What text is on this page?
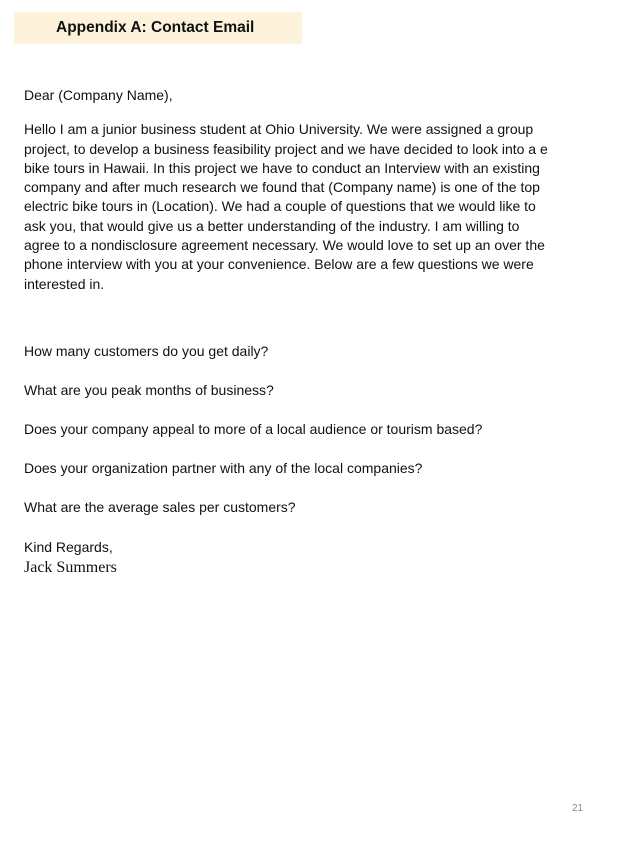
Appendix A: Contact Email

Dear (Company Name),

Hello I am a junior business student at Ohio University. We were assigned a group
project, to develop a business feasibility project and we have decided to look into a e
bike tours in Hawaii. In this project we have to conduct an Interview with an existing
company and after much research we found that (Company name) is one of the top
electric bike tours in (Location). We had a couple of questions that we would like to
ask you, that would give us a better understanding of the industry. I am willing to
agree to a nondisclosure agreement necessary. We would love to set up an over the
phone interview with you at your convenience. Below are a few questions we were
interested in.
How many customers do you get daily?
What are you peak months of business?
Does your company appeal to more of a local audience or tourism based?
Does your organization partner with any of the local companies?
What are the average sales per customers?
Kind Regards,
Jack Summers
21
